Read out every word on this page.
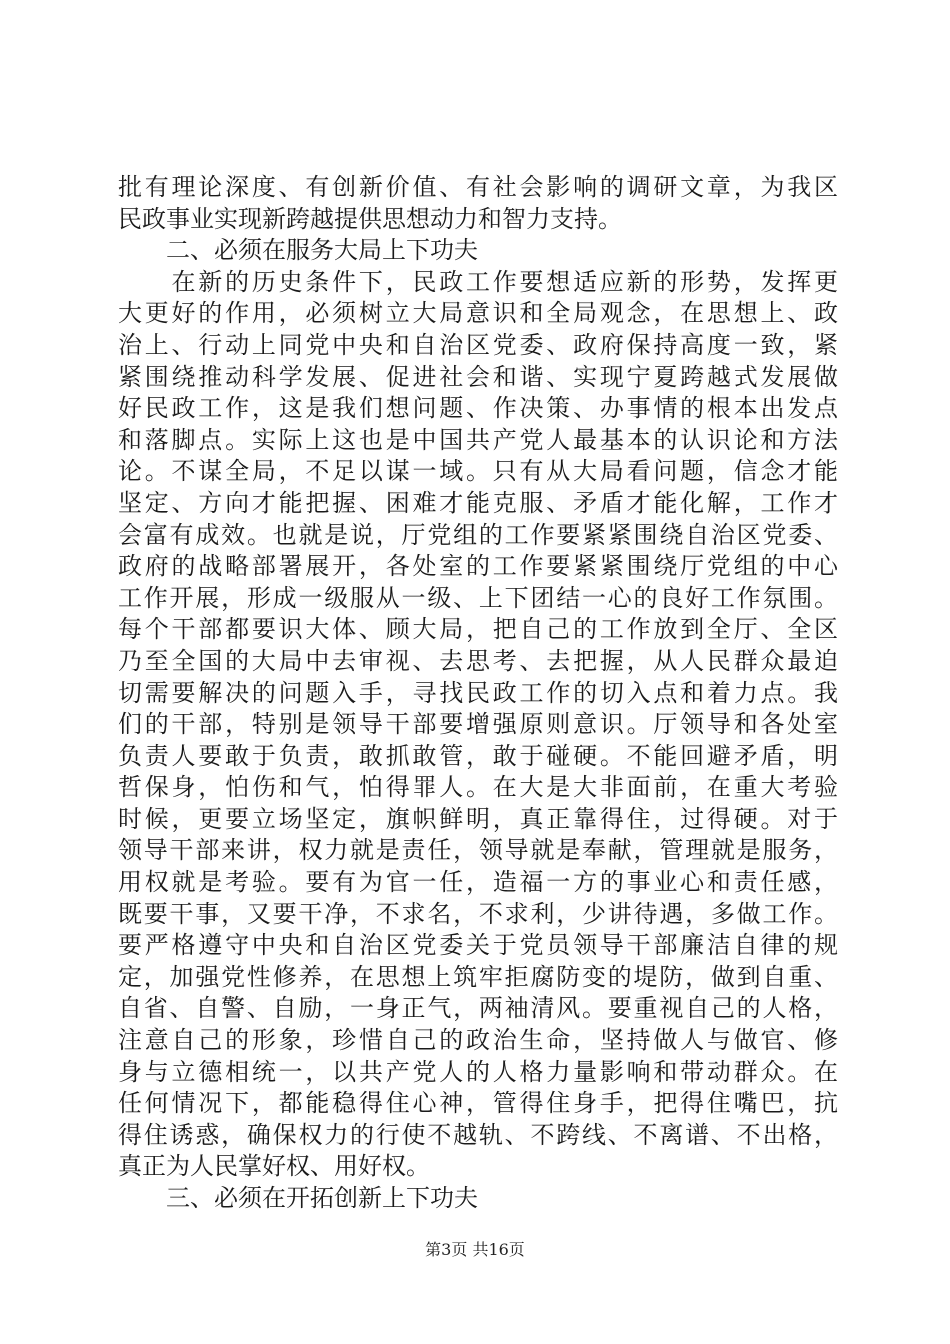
批有理论深度、有创新价值、有社会影响的调研文章，为我区
民政事业实现新跨越提供思想动力和智力支持。
　　二、必须在服务大局上下功夫
　　在新的历史条件下，民政工作要想适应新的形势，发挥更
大更好的作用，必须树立大局意识和全局观念，在思想上、政
治上、行动上同党中央和自治区党委、政府保持高度一致，紧
紧围绕推动科学发展、促进社会和谐、实现宁夏跨越式发展做
好民政工作，这是我们想问题、作决策、办事情的根本出发点
和落脚点。实际上这也是中国共产党人最基本的认识论和方法
论。不谋全局，不足以谋一域。只有从大局看问题，信念才能
坚定、方向才能把握、困难才能克服、矛盾才能化解，工作才
会富有成效。也就是说，厅党组的工作要紧紧围绕自治区党委、
政府的战略部署展开，各处室的工作要紧紧围绕厅党组的中心
工作开展，形成一级服从一级、上下团结一心的良好工作氛围。
每个干部都要识大体、顾大局，把自己的工作放到全厅、全区
乃至全国的大局中去审视、去思考、去把握，从人民群众最迫
切需要解决的问题入手，寻找民政工作的切入点和着力点。我
们的干部，特别是领导干部要增强原则意识。厅领导和各处室
负责人要敢于负责，敢抓敢管，敢于碰硬。不能回避矛盾，明
哲保身，怕伤和气，怕得罪人。在大是大非面前，在重大考验
时候，更要立场坚定，旗帜鲜明，真正靠得住，过得硬。对于
领导干部来讲，权力就是责任，领导就是奉献，管理就是服务，
用权就是考验。要有为官一任，造福一方的事业心和责任感，
既要干事，又要干净，不求名，不求利，少讲待遇，多做工作。
要严格遵守中央和自治区党委关于党员领导干部廉洁自律的规
定，加强党性修养，在思想上筑牢拒腐防变的堤防，做到自重、
自省、自警、自励，一身正气，两袖清风。要重视自己的人格，
注意自己的形象，珍惜自己的政治生命，坚持做人与做官、修
身与立德相统一，以共产党人的人格力量影响和带动群众。在
任何情况下，都能稳得住心神，管得住身手，把得住嘴巴，抗
得住诱惑，确保权力的行使不越轨、不跨线、不离谱、不出格，
真正为人民掌好权、用好权。
　　三、必须在开拓创新上下功夫
第3页 共16页
